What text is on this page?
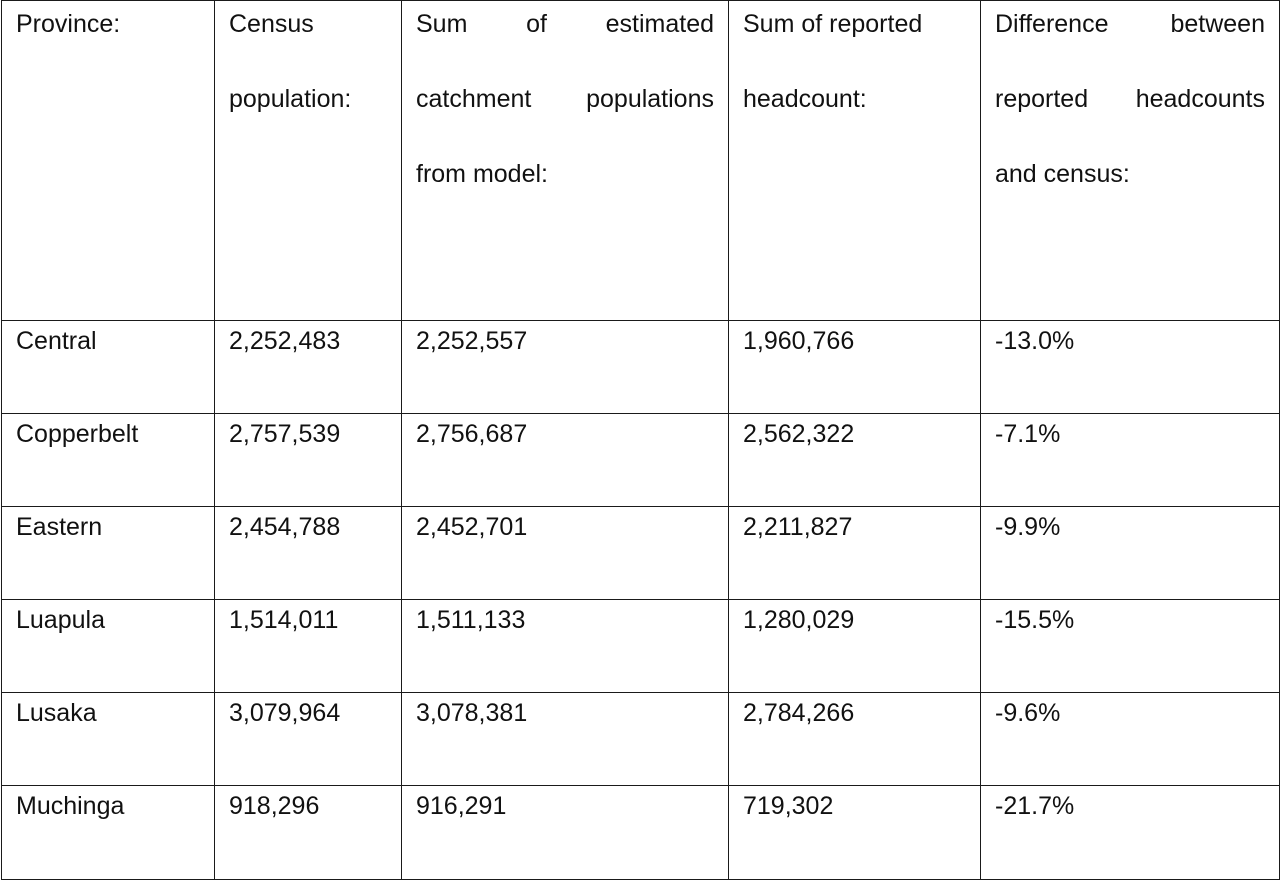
Province:	Census population:	Sum of estimated catchment populations from model:	Sum of reported headcount:	Difference between reported headcounts and census:

Central	2,252,483	2,252,557	1,960,766	-13.0%
Copperbelt	2,757,539	2,756,687	2,562,322	-7.1%
Eastern	2,454,788	2,452,701	2,211,827	-9.9%
Luapula	1,514,011	1,511,133	1,280,029	-15.5%
Lusaka	3,079,964	3,078,381	2,784,266	-9.6%
Muchinga	918,296	916,291	719,302	-21.7%
